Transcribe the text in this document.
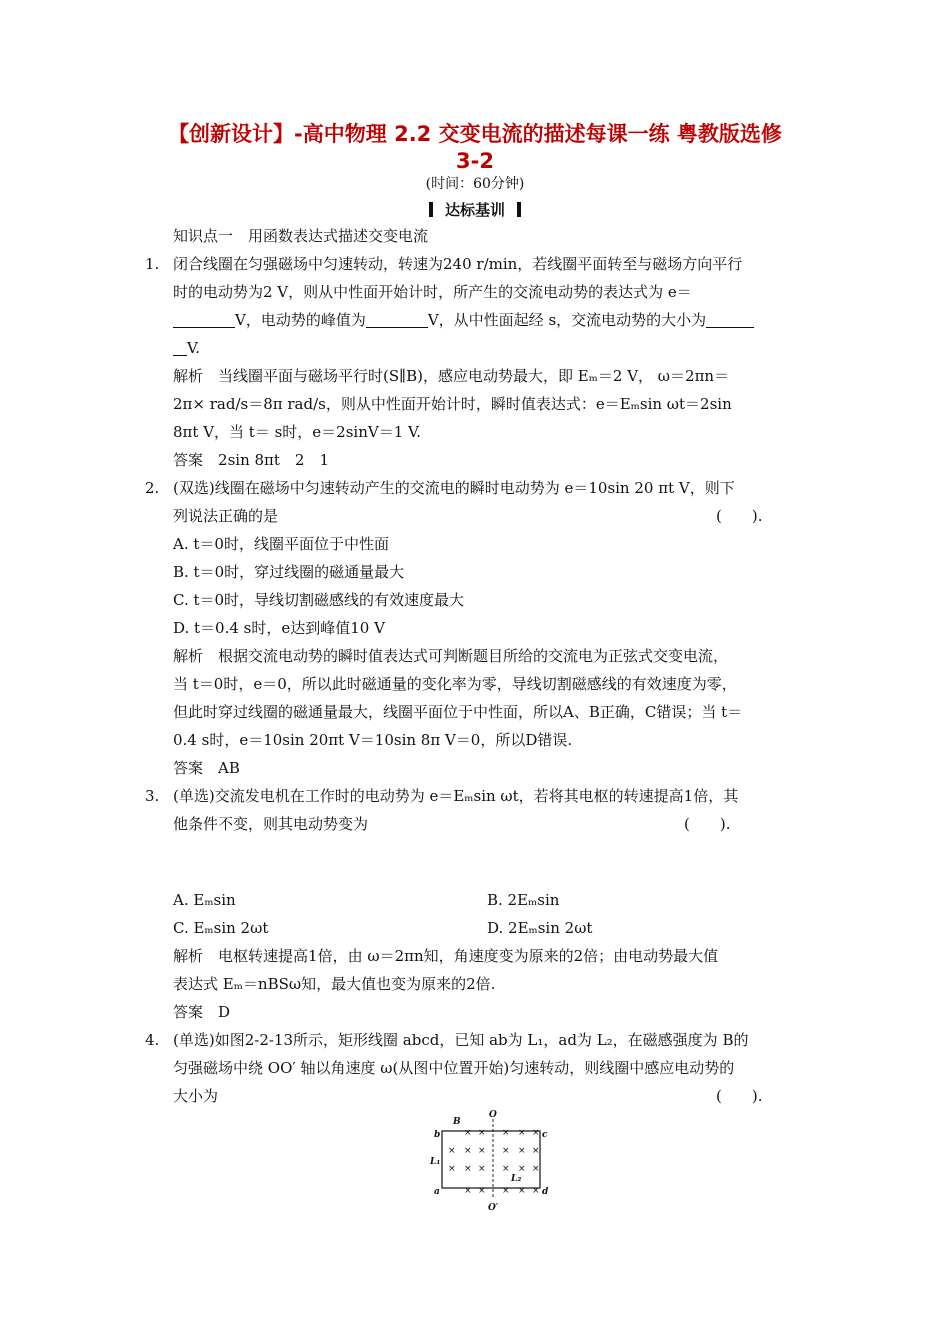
【创新设计】-高中物理 2.2 交变电流的描述每课一练 粤教版选修
3-2
(时间：60分钟)
达标基训
知识点一　用函数表达式描述交变电流
1. 闭合线圈在匀强磁场中匀速转动，转速为240 r/min，若线圈平面转至与磁场方向平行
时的电动势为2 V，则从中性面开始计时，所产生的交流电动势的表达式为 e＝
V，电动势的峰值为	V，从中性面起经 s，交流电动势的大小为
V.
解析　 当线圈平面与磁场平行时(S∥B)，感应电动势最大，即 Eₘ＝2 V， ω＝2πn＝
2π× rad/s＝8π rad/s，则从中性面开始计时，瞬时值表达式：e＝Eₘsin ωt＝2sin
8πt V，当 t＝ s时，e＝2sinV＝1 V.
答案　 2sin 8πt　2　1
2. (双选)线圈在磁场中匀速转动产生的交流电的瞬时电动势为 e＝10sin 20 πt V，则下
列说法正确的是	(　　).
A. t＝0时，线圈平面位于中性面
B. t＝0时，穿过线圈的磁通量最大
C. t＝0时，导线切割磁感线的有效速度最大
D. t＝0.4 s时，e达到峰值10 V
解析　 根据交流电动势的瞬时值表达式可判断题目所给的交流电为正弦式交变电流，
当 t＝0时，e＝0，所以此时磁通量的变化率为零，导线切割磁感线的有效速度为零，
但此时穿过线圈的磁通量最大，线圈平面位于中性面，所以A、B正确，C错误；当 t＝
0.4 s时，e＝10sin 20πt V＝10sin 8π V＝0，所以D错误.
答案　 AB
3. (单选)交流发电机在工作时的电动势为 e＝Eₘsin ωt，若将其电枢的转速提高1倍，其
他条件不变，则其电动势变为	(　　).
A. Eₘsin	B. 2Eₘsin
C. Eₘsin 2ωt	D. 2Eₘsin 2ωt
解析　 电枢转速提高1倍，由 ω＝2πn知，角速度变为原来的2倍；由电动势最大值
表达式 Eₘ＝nBSω知，最大值也变为原来的2倍.
答案　 D
4. (单选)如图2-2-13所示，矩形线圈 abcd，已知 ab为 L₁，ad为 L₂，在磁感强度为 B的
匀强磁场中绕 OO′ 轴以角速度 ω(从图中位置开始)匀速转动，则线圈中感应电动势的
大小为	(　　).
× × × × ×
× × × × × ×
× × × × × ×
× × × × ×
O
O′
B
b	c
a	d
L₁
L₂
